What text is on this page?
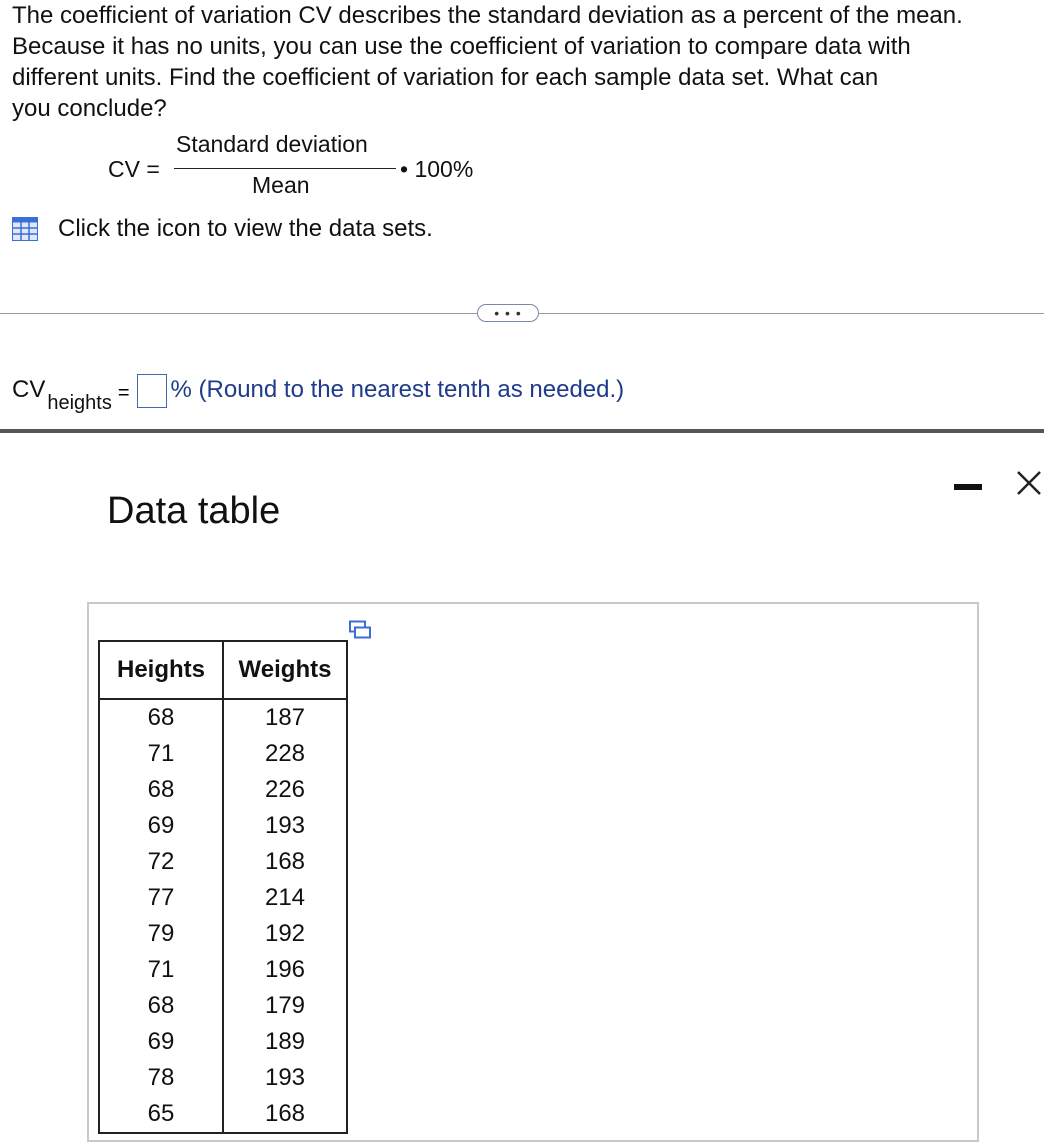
The coefficient of variation CV describes the standard deviation as a percent of the mean.
Because it has no units, you can use the coefficient of variation to compare data with
different units. Find the coefficient of variation for each sample data set. What can
you conclude?
CV =
Standard deviation
Mean
• 100%
Click the icon to view the data sets.
• • •
CV $_{heights}$ = % (Round to the nearest tenth as needed.)
Data table
Heights	Weights
68	187
71	228
68	226
69	193
72	168
77	214
79	192
71	196
68	179
69	189
78	193
65	168
